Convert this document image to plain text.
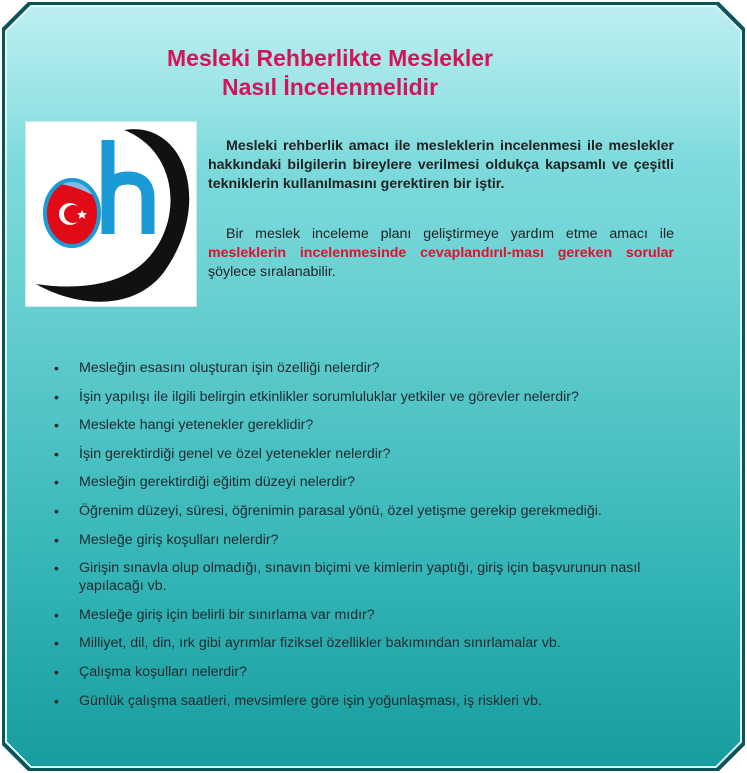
Mesleki Rehberlikte Meslekler
Nasıl İncelenmelidir

Mesleki rehberlik amacı ile mesleklerin incelenmesi ile meslekler hakkındaki bilgilerin bireylere verilmesi oldukça kapsamlı ve çeşitli tekniklerin kullanılmasını gerektiren bir iştir.

Bir meslek inceleme planı geliştirmeye yardım etme amacı ile mesleklerin incelenmesinde cevaplandırıl-ması gereken sorular şöylece sıralanabilir.

• Mesleğin esasını oluşturan işin özelliği nelerdir?
• İşin yapılışı ile ilgili belirgin etkinlikler sorumluluklar yetkiler ve görevler nelerdir?
• Meslekte hangi yetenekler gereklidir?
• İşin gerektirdiği genel ve özel yetenekler nelerdir?
• Mesleğin gerektirdiği eğitim düzeyi nelerdir?
• Öğrenim düzeyi, süresi, öğrenimin parasal yönü, özel yetişme gerekip gerekmediği.
• Mesleğe giriş koşulları nelerdir?
• Girişin sınavla olup olmadığı, sınavın biçimi ve kimlerin yaptığı, giriş için başvurunun nasıl yapılacağı vb.
• Mesleğe giriş için belirli bir sınırlama var mıdır?
• Milliyet, dil, din, ırk gibi ayrımlar fiziksel özellikler bakımından sınırlamalar vb.
• Çalışma koşulları nelerdir?
• Günlük çalışma saatleri, mevsimlere göre işin yoğunlaşması, iş riskleri vb.
